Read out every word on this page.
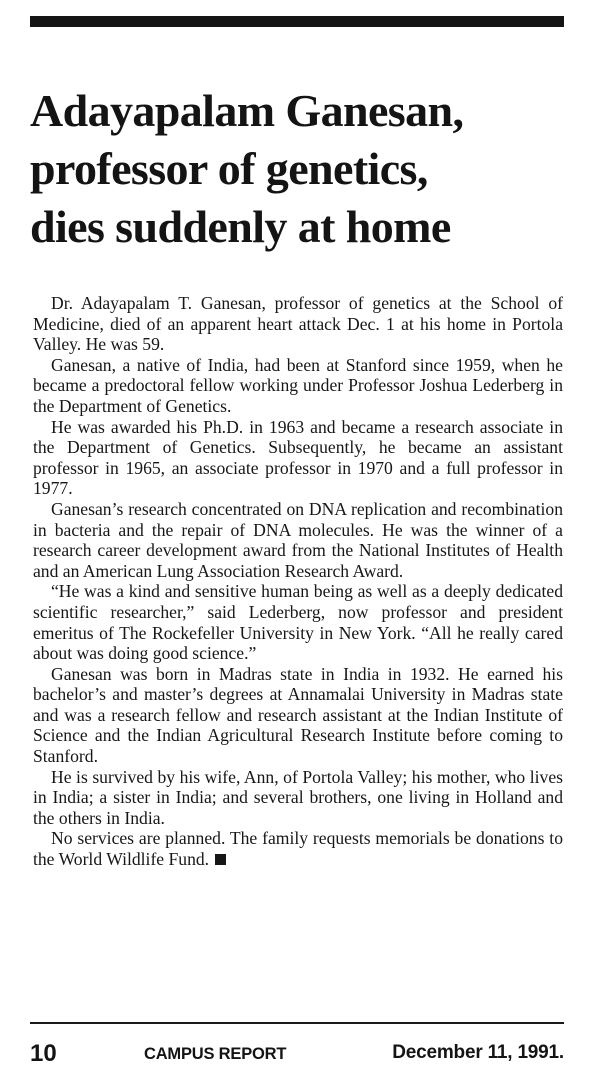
Adayapalam Ganesan,
professor of genetics,
dies suddenly at home

Dr. Adayapalam T. Ganesan, professor of genetics at the School of Medicine, died of an apparent heart attack Dec. 1 at his home in Portola Valley. He was 59.

Ganesan, a native of India, had been at Stanford since 1959, when he became a predoctoral fellow working under Professor Joshua Lederberg in the Department of Genetics.

He was awarded his Ph.D. in 1963 and became a research associate in the Department of Genetics. Subsequently, he became an assistant professor in 1965, an associate professor in 1970 and a full professor in 1977.

Ganesan’s research concentrated on DNA replication and recombination in bacteria and the repair of DNA molecules. He was the winner of a research career development award from the National Institutes of Health and an American Lung Association Research Award.

“He was a kind and sensitive human being as well as a deeply dedicated scientific researcher,” said Lederberg, now professor and president emeritus of The Rockefeller University in New York. “All he really cared about was doing good science.”

Ganesan was born in Madras state in India in 1932. He earned his bachelor’s and master’s degrees at Annamalai University in Madras state and was a research fellow and research assistant at the Indian Institute of Science and the Indian Agricultural Research Institute before coming to Stanford.

He is survived by his wife, Ann, of Portola Valley; his mother, who lives in India; a sister in India; and several brothers, one living in Holland and the others in India.

No services are planned. The family requests memorials be donations to the World Wildlife Fund.

10	CAMPUS REPORT	December 11, 1991.
